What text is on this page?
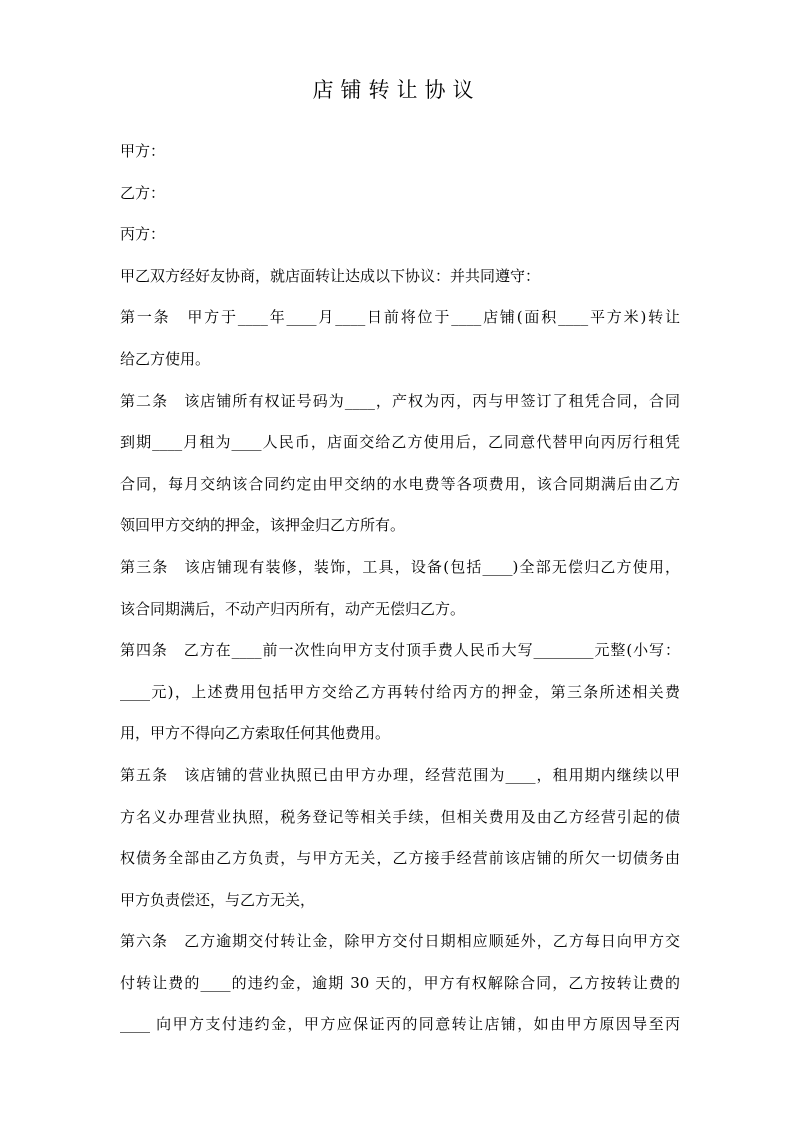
店铺转让协议
甲方：
乙方：
丙方：
甲乙双方经好友协商，就店面转让达成以下协议：并共同遵守：
第一条　甲方于____年____月____日前将位于____店铺(面积____平方米)转让
给乙方使用。
第二条　该店铺所有权证号码为____，产权为丙，丙与甲签订了租凭合同，合同
到期____月租为____人民币，店面交给乙方使用后，乙同意代替甲向丙厉行租凭
合同，每月交纳该合同约定由甲交纳的水电费等各项费用，该合同期满后由乙方
领回甲方交纳的押金，该押金归乙方所有。
第三条　该店铺现有装修，装饰，工具，设备(包括____)全部无偿归乙方使用，
该合同期满后，不动产归丙所有，动产无偿归乙方。
第四条　乙方在____前一次性向甲方支付顶手费人民币大写________元整(小写：
____元)，上述费用包括甲方交给乙方再转付给丙方的押金，第三条所述相关费
用，甲方不得向乙方索取任何其他费用。
第五条　该店铺的营业执照已由甲方办理，经营范围为____，租用期内继续以甲
方名义办理营业执照，税务登记等相关手续，但相关费用及由乙方经营引起的债
权债务全部由乙方负责，与甲方无关，乙方接手经营前该店铺的所欠一切债务由
甲方负责偿还，与乙方无关，
第六条　乙方逾期交付转让金，除甲方交付日期相应顺延外，乙方每日向甲方交
付转让费的____的违约金，逾期 30 天的，甲方有权解除合同，乙方按转让费的
____ 向甲方支付违约金，甲方应保证丙的同意转让店铺，如由甲方原因导至丙
